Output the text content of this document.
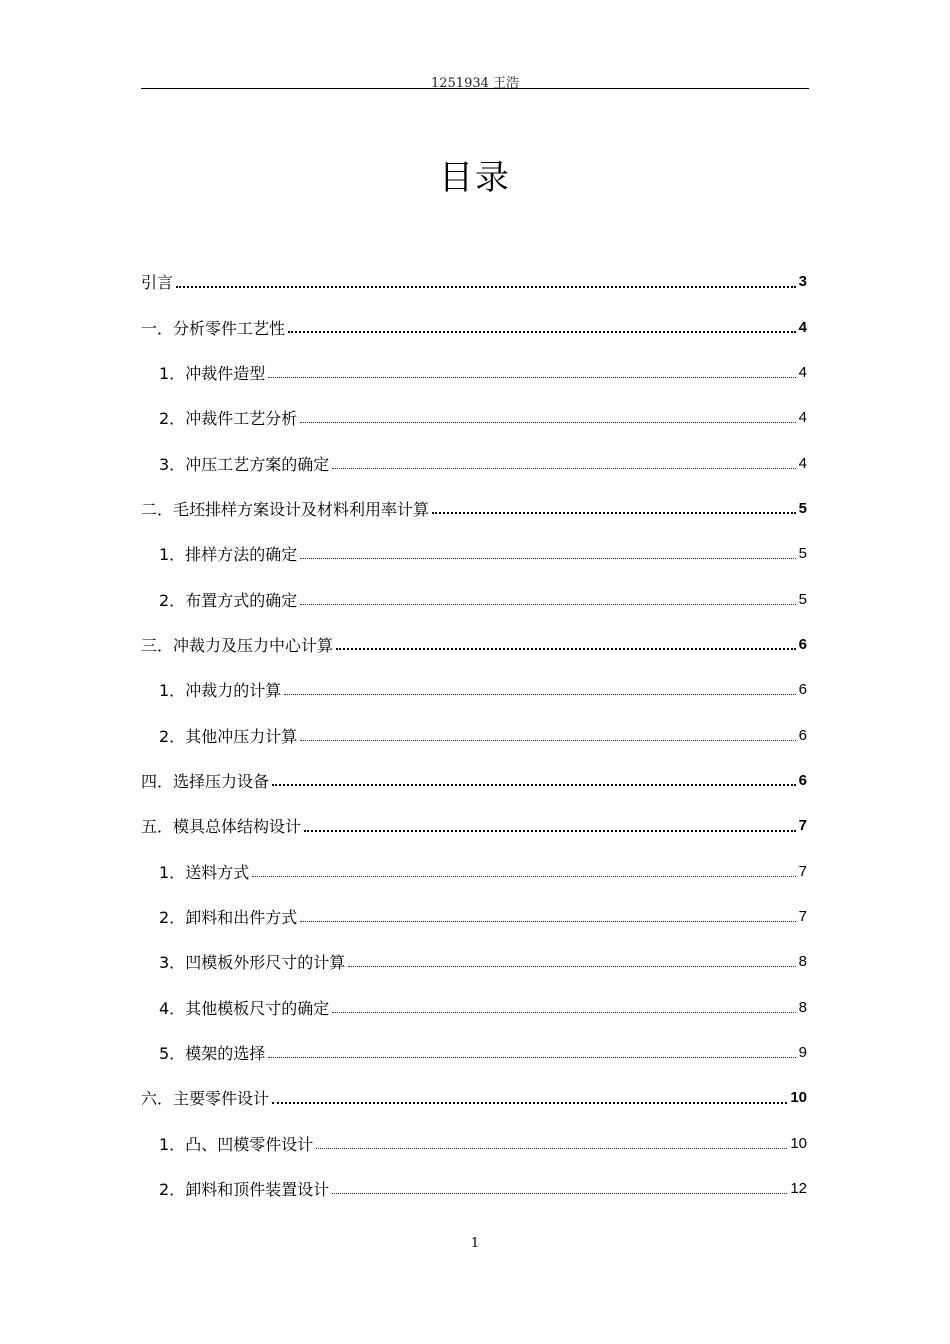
1251934 王浩
目录
引言	3
一． 分析零件工艺性	4
1． 冲裁件造型	4
2． 冲裁件工艺分析	4
3． 冲压工艺方案的确定	4
二． 毛坯排样方案设计及材料利用率计算	5
1． 排样方法的确定	5
2． 布置方式的确定	5
三． 冲裁力及压力中心计算	6
1． 冲裁力的计算	6
2． 其他冲压力计算	6
四． 选择压力设备	6
五． 模具总体结构设计	7
1． 送料方式	7
2． 卸料和出件方式	7
3． 凹模板外形尺寸的计算	8
4． 其他模板尺寸的确定	8
5． 模架的选择	9
六． 主要零件设计	10
1． 凸、凹模零件设计	10
2． 卸料和顶件装置设计	12
1
